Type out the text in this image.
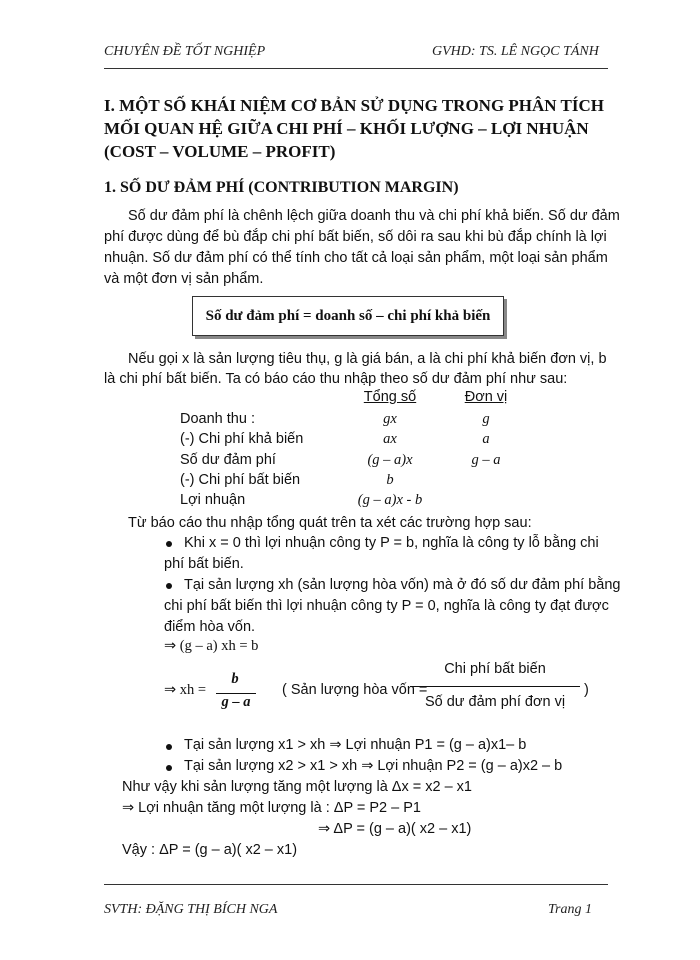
CHUYÊN ĐỀ TỐT NGHIỆP	GVHD: TS. LÊ NGỌC TÁNH
I. MỘT SỐ KHÁI NIỆM CƠ BẢN SỬ DỤNG TRONG PHÂN TÍCH
MỐI QUAN HỆ GIỮA CHI PHÍ – KHỐI LƯỢNG – LỢI NHUẬN
(COST – VOLUME – PROFIT)
1. SỐ DƯ ĐẢM PHÍ (CONTRIBUTION MARGIN)
Số dư đảm phí là chênh lệch giữa doanh thu và chi phí khả biến. Số dư đảm
phí được dùng để bù đắp chi phí bất biến, số dôi ra sau khi bù đắp chính là lợi
nhuận. Số dư đảm phí có thể tính cho tất cả loại sản phẩm, một loại sản phẩm
và một đơn vị sản phẩm.
Số dư đảm phí = doanh số – chi phí khả biến
Nếu gọi x là sản lượng tiêu thụ, g là giá bán, a là chi phí khả biến đơn vị, b
là chi phí bất biến. Ta có báo cáo thu nhập theo số dư đảm phí như sau:
Tổng số	Đơn vị
Doanh thu :	gx	g
(-) Chi phí khả biến	ax	a
Số dư đảm phí	(g – a)x	g – a
(-) Chi phí bất biến	b
Lợi nhuận	(g – a)x - b
Từ báo cáo thu nhập tổng quát trên ta xét các trường hợp sau:
Khi x = 0 thì lợi nhuận công ty P = b, nghĩa là công ty lỗ bằng chi
phí bất biến.
Tại sản lượng xh (sản lượng hòa vốn) mà ở đó số dư đảm phí bằng
chi phí bất biến thì lợi nhuận công ty P = 0, nghĩa là công ty đạt được
điểm hòa vốn.
⇒ (g – a) xh = b
⇒ xh =
b
g – a
( Sản lượng hòa vốn =
Chi phí bất biến
Số dư đảm phí đơn vị
)
Tại sản lượng x1 > xh ⇒ Lợi nhuận P1 = (g – a)x1– b
Tại sản lượng x2 > x1 > xh ⇒ Lợi nhuận P2 = (g – a)x2 – b
Như vậy khi sản lượng tăng một lượng là Δx = x2 – x1
⇒ Lợi nhuận tăng một lượng là : ΔP = P2 – P1
⇒ ΔP = (g – a)( x2 – x1)
Vậy : ΔP = (g – a)( x2 – x1)
SVTH: ĐẶNG THỊ BÍCH NGA	Trang 1
